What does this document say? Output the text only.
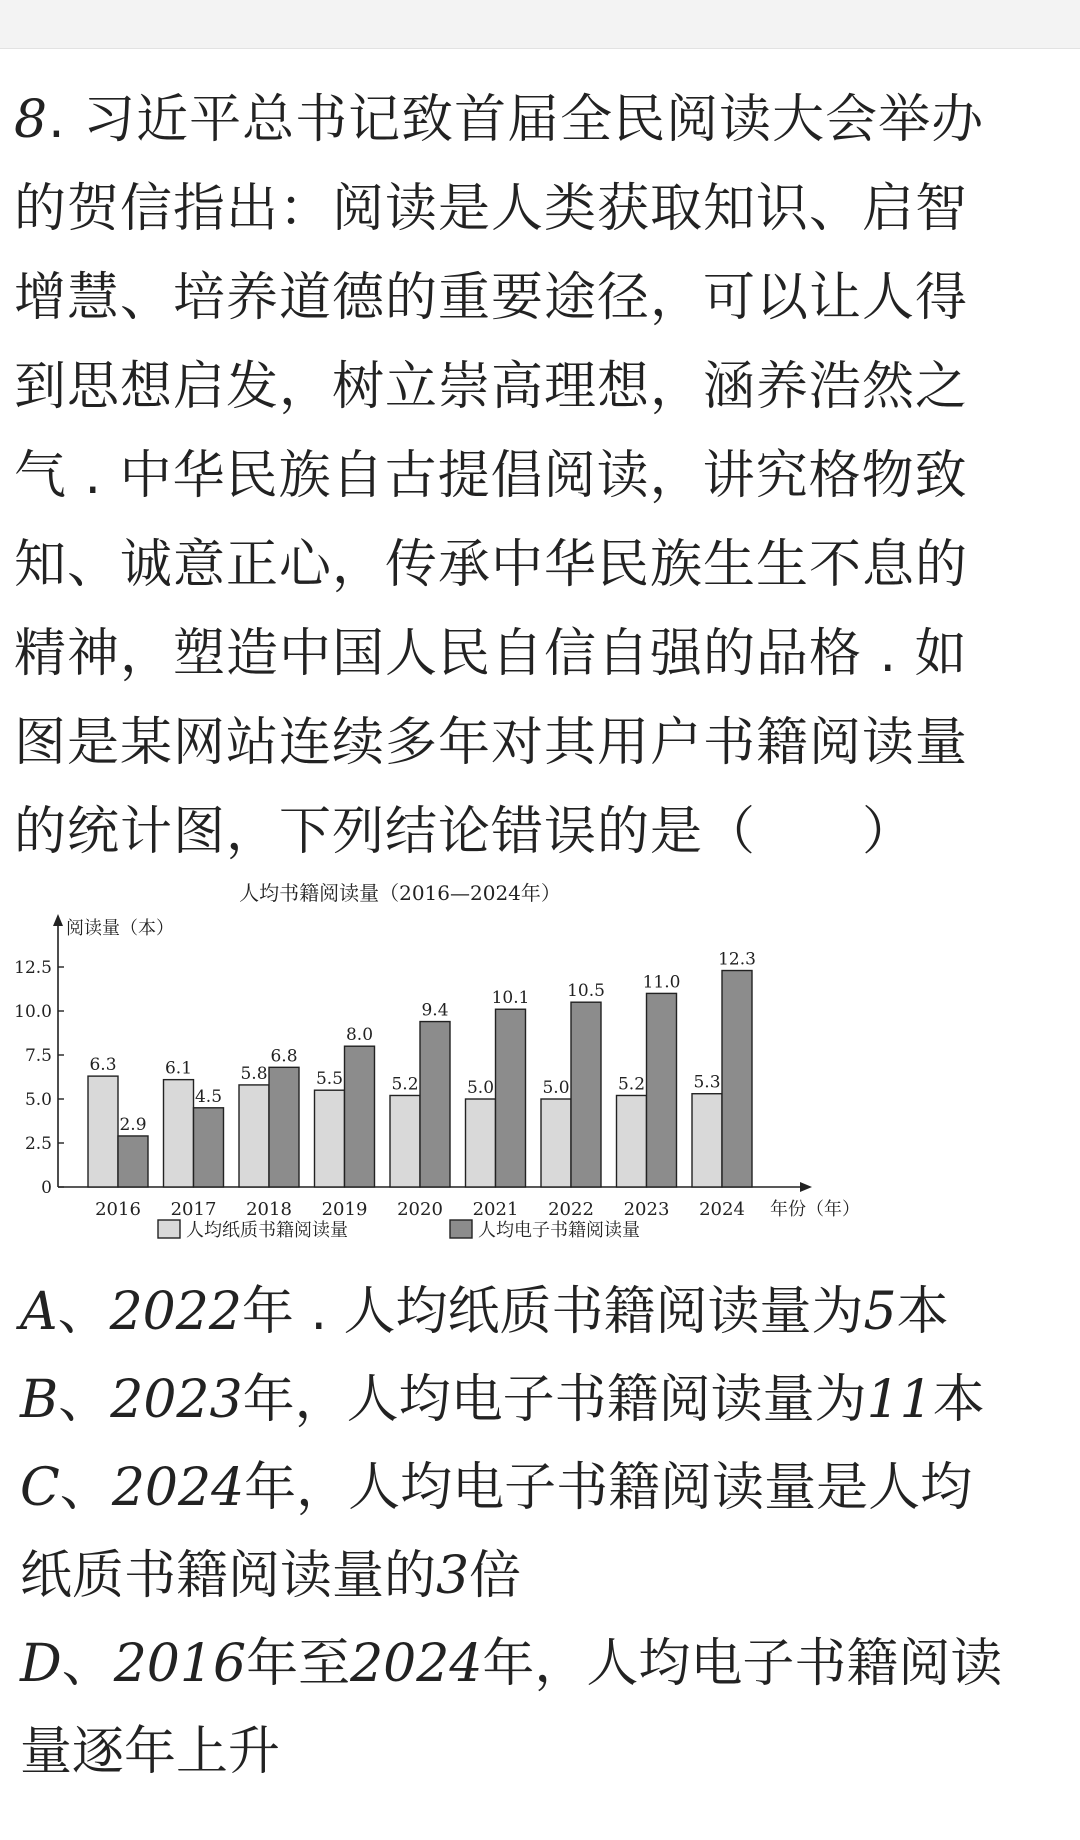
8. 习近平总书记致首届全民阅读大会举办
的贺信指出：阅读是人类获取知识、启智
增慧、培养道德的重要途径，可以让人得
到思想启发，树立崇高理想，涵养浩然之
气 . 中华民族自古提倡阅读，讲究格物致
知、诚意正心，传承中华民族生生不息的
精神，塑造中国人民自信自强的品格 . 如
图是某网站连续多年对其用户书籍阅读量
的统计图，下列结论错误的是（　　）
人均书籍阅读量（2016—2024年）
阅读量（本）
0
2.5
5.0
7.5
10.0
12.5
6.3
2.9
2016
6.1
4.5
2017
5.8
6.8
2018
5.5
8.0
2019
5.2
9.4
2020
5.0
10.1
2021
5.0
10.5
2022
5.2
11.0
2023
5.3
12.3
2024 年份（年）
人均纸质书籍阅读量	人均电子书籍阅读量
A、2022年 . 人均纸质书籍阅读量为5本
B、2023年，人均电子书籍阅读量为11本
C、2024年，人均电子书籍阅读量是人均
纸质书籍阅读量的3倍
D、2016年至2024年，人均电子书籍阅读
量逐年上升
